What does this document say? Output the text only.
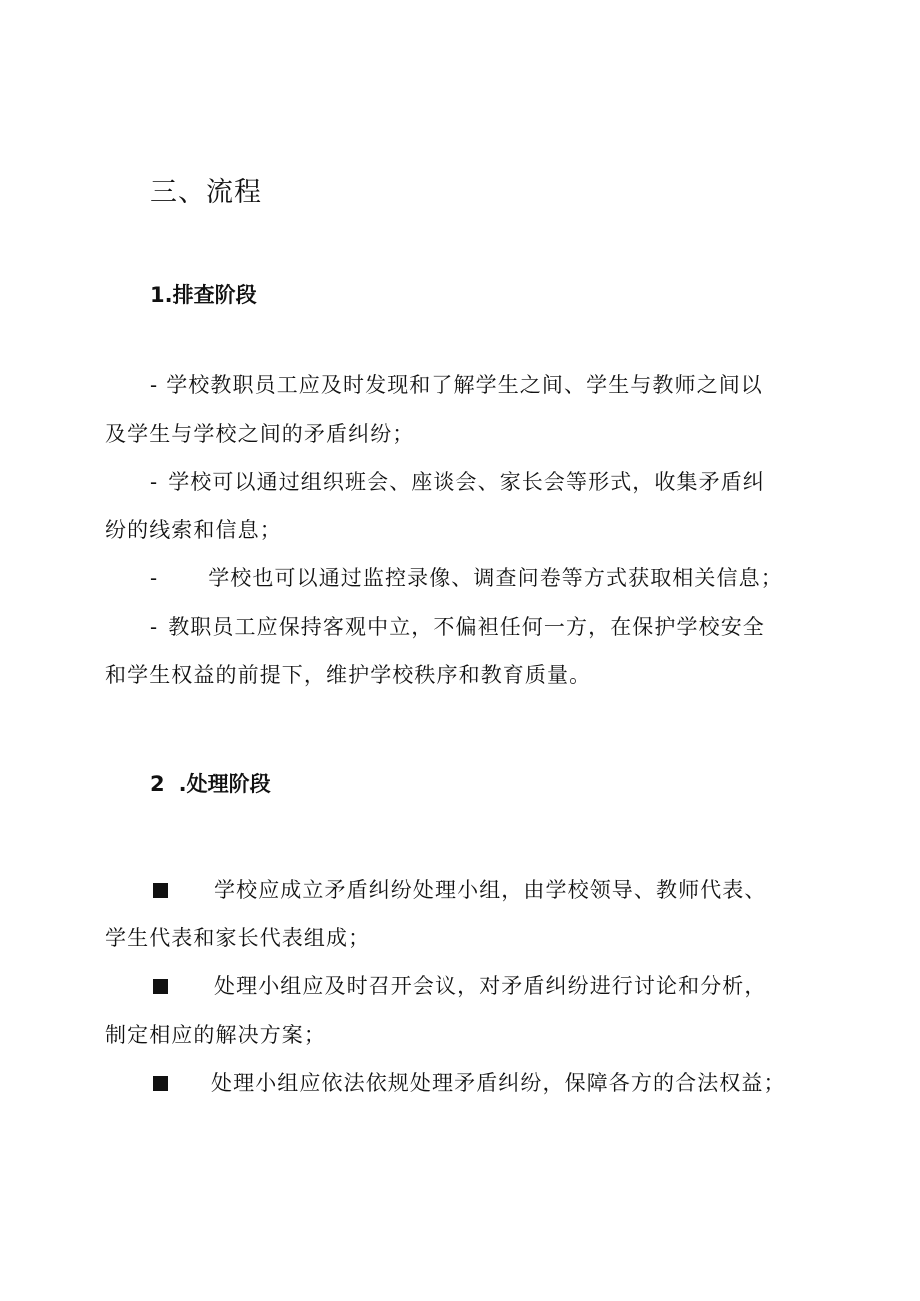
三、流程
1.排查阶段
- 学校教职员工应及时发现和了解学生之间、学生与教师之间以
及学生与学校之间的矛盾纠纷；
- 学校可以通过组织班会、座谈会、家长会等形式，收集矛盾纠
纷的线索和信息；
- 学校也可以通过监控录像、调查问卷等方式获取相关信息；
- 教职员工应保持客观中立，不偏袒任何一方，在保护学校安全
和学生权益的前提下，维护学校秩序和教育质量。
2 .处理阶段
学校应成立矛盾纠纷处理小组，由学校领导、教师代表、
学生代表和家长代表组成；
处理小组应及时召开会议，对矛盾纠纷进行讨论和分析，
制定相应的解决方案；
处理小组应依法依规处理矛盾纠纷，保障各方的合法权益；
